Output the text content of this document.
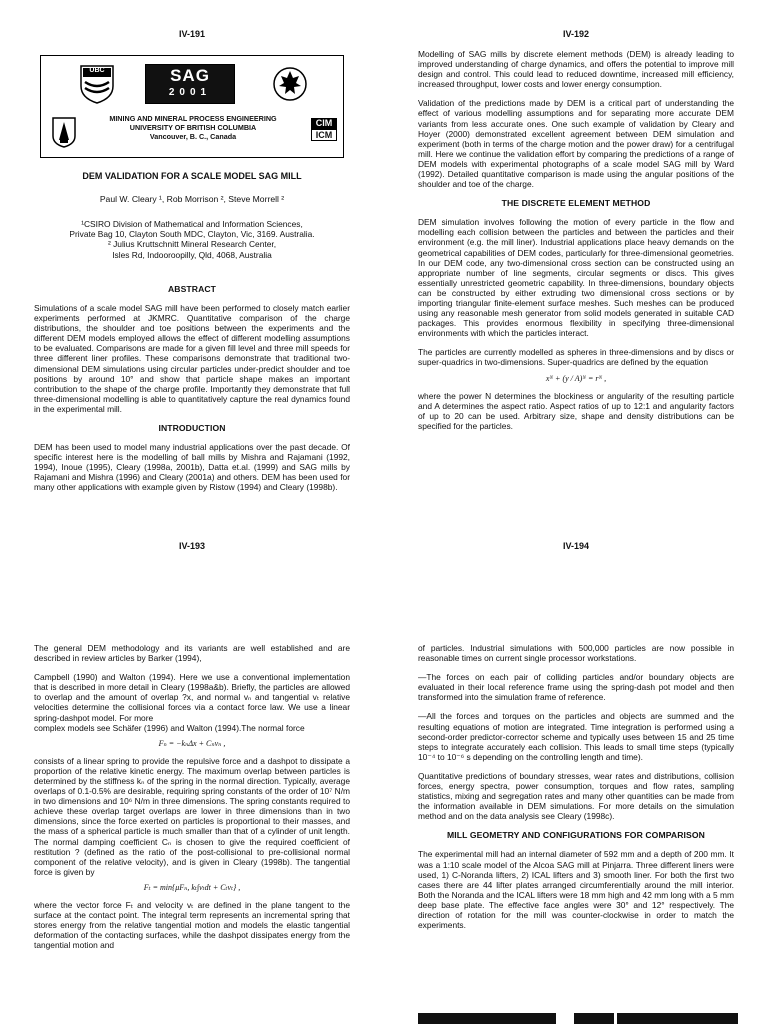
IV-191
UBC	SAG
2001
MINING AND MINERAL PROCESS ENGINEERING
UNIVERSITY OF BRITISH COLUMBIA
Vancouver, B. C., Canada
CIM
ICM
DEM VALIDATION FOR A SCALE MODEL SAG MILL
Paul W. Cleary ¹, Rob Morrison ², Steve Morrell ²
¹CSIRO Division of Mathematical and Information Sciences,
Private Bag 10, Clayton South MDC, Clayton, Vic, 3169. Australia.
² Julius Kruttschnitt Mineral Research Center,
Isles Rd, Indooroopilly, Qld, 4068, Australia
ABSTRACT

Simulations of a scale model SAG mill have been performed to closely match earlier experiments performed at JKMRC. Quantitative comparison of the charge distributions, the shoulder and toe positions between the experiments and the different DEM models employed allows the effect of different modelling assumptions to be evaluated. Comparisons are made for a given fill level and three mill speeds for three different liner profiles. These comparisons demonstrate that traditional two-dimensional DEM simulations using circular particles under-predict shoulder and toe positions by around 10° and show that particle shape makes an important contribution to the shape of the charge profile. Importantly they demonstrate that full three-dimensional modelling is able to quantitatively capture the real dynamics found in the experimental mill.

INTRODUCTION

DEM has been used to model many industrial applications over the past decade. Of specific interest here is the modelling of ball mills by Mishra and Rajamani (1992, 1994), Inoue (1995), Cleary (1998a, 2001b), Datta et.al. (1999) and SAG mills by Rajamani and Mishra (1996) and Cleary (2001a) and others. DEM has been used for many other applications with example given by Ristow (1994) and Cleary (1998b).

IV-192

Modelling of SAG mills by discrete element methods (DEM) is already leading to improved understanding of charge dynamics, and offers the potential to improve mill design and control. This could lead to reduced downtime, increased mill efficiency, increased throughput, lower costs and lower energy consumption.

Validation of the predictions made by DEM is a critical part of understanding the effect of various modelling assumptions and for separating more accurate DEM variants from less accurate ones. One such example of validation by Cleary and Hoyer (2000) demonstrated excellent agreement between DEM simulation and experiment (both in terms of the charge motion and the power draw) for a centrifugal mill. Here we continue the validation effort by comparing the predictions of a range of DEM models with experimental photographs of a scale model SAG mill by Ward (1992). Detailed quantitative comparison is made using the angular positions of the shoulder and toe of the charge.

THE DISCRETE ELEMENT METHOD

DEM simulation involves following the motion of every particle in the flow and modelling each collision between the particles and between the particles and their environment (e.g. the mill liner). Industrial applications place heavy demands on the geometrical capabilities of DEM codes, particularly for three-dimensional geometries. In our DEM code, any two-dimensional cross section can be constructed using an appropriate number of line segments, circular segments or discs. This gives essentially unrestricted geometric capability. In three-dimensions, boundary objects can be constructed by either extruding two dimensional cross sections or by importing triangular finite-element surface meshes. Such meshes can be produced using any reasonable mesh generator from solid models generated in suitable CAD packages. This provides enormous flexibility in specifying three-dimensional environments with which the particles interact.

The particles are currently modelled as spheres in three-dimensions and by discs or super-quadrics in two-dimensions. Super-quadrics are defined by the equation

xᴺ + (y / A)ᴺ = rᴺ ,

where the power N determines the blockiness or angularity of the resulting particle and A determines the aspect ratio. Aspect ratios of up to 12:1 and angularity factors of up to 20 can be used. Arbitrary size, shape and density distributions can be specified for the particles.

IV-193

The general DEM methodology and its variants are well established and are described in review articles by Barker (1994),

Campbell (1990) and Walton (1994). Here we use a conventional implementation that is described in more detail in Cleary (1998a&b). Briefly, the particles are allowed to overlap and the amount of overlap ?x, and normal vₙ and tangential vₜ relative velocities determine the collisional forces via a contact force law. We use a linear spring-dashpot model. For more

complex models see Schäfer (1996) and Walton (1994).The normal force

Fₙ = −kₙΔx + Cₙvₙ ,

consists of a linear spring to provide the repulsive force and a dashpot to dissipate a proportion of the relative kinetic energy. The maximum overlap between particles is determined by the stiffness kₙ of the spring in the normal direction. Typically, average overlaps of 0.1-0.5% are desirable, requiring spring constants of the order of 10⁷ N/m in two dimensions and 10⁶ N/m in three dimensions. The spring constants required to achieve these overlap target overlaps are lower in three dimensions than in two dimensions, since the force exerted on particles is proportional to their masses, and the mass of a spherical particle is much smaller than that of a cylinder of unit length. The normal damping coefficient Cₙ is chosen to give the required coefficient of restitution ? (defined as the ratio of the post-collisional to pre-collisional normal component of the relative velocity), and is given in Cleary (1998b). The tangential force is given by

Fₜ = min{μFₙ, kₜ∫vₜdt + Cₜvₜ} ,

where the vector force Fₜ and velocity vₜ are defined in the plane tangent to the surface at the contact point. The integral term represents an incremental spring that stores energy from the relative tangential motion and models the elastic tangential deformation of the contacting surfaces, while the dashpot dissipates energy from the tangential motion and

IV-194

of particles. Industrial simulations with 500,000 particles are now possible in reasonable times on current single processor workstations.

—The forces on each pair of colliding particles and/or boundary objects are evaluated in their local reference frame using the spring-dash pot model and then transformed into the simulation frame of reference.

—All the forces and torques on the particles and objects are summed and the resulting equations of motion are integrated. Time integration is performed using a second-order predictor-corrector scheme and typically uses between 15 and 25 time steps to integrate accurately each collision. This leads to small time steps (typically 10⁻⁴ to 10⁻⁶ s depending on the controlling length and time).

Quantitative predictions of boundary stresses, wear rates and distributions, collision forces, energy spectra, power consumption, torques and flow rates, sampling statistics, mixing and segregation rates and many other quantities can be made from the information available in DEM simulations. For more details on the simulation method and on the data analysis see Cleary (1998c).

MILL GEOMETRY AND CONFIGURATIONS FOR COMPARISON

The experimental mill had an internal diameter of 592 mm and a depth of 200 mm. It was a 1:10 scale model of the Alcoa SAG mill at Pinjarra. Three different liners were used, 1) C-Noranda lifters, 2) ICAL lifters and 3) smooth liner. For both the first two cases there are 44 lifter plates arranged circumferentially around the mill interior. Both the Noranda and the ICAL lifters were 18 mm high and 42 mm long with a 5 mm deep base plate. The effective face angles were 30° and 12° respectively. The direction of rotation for the mill was counter-clockwise in order to match the experiments.
